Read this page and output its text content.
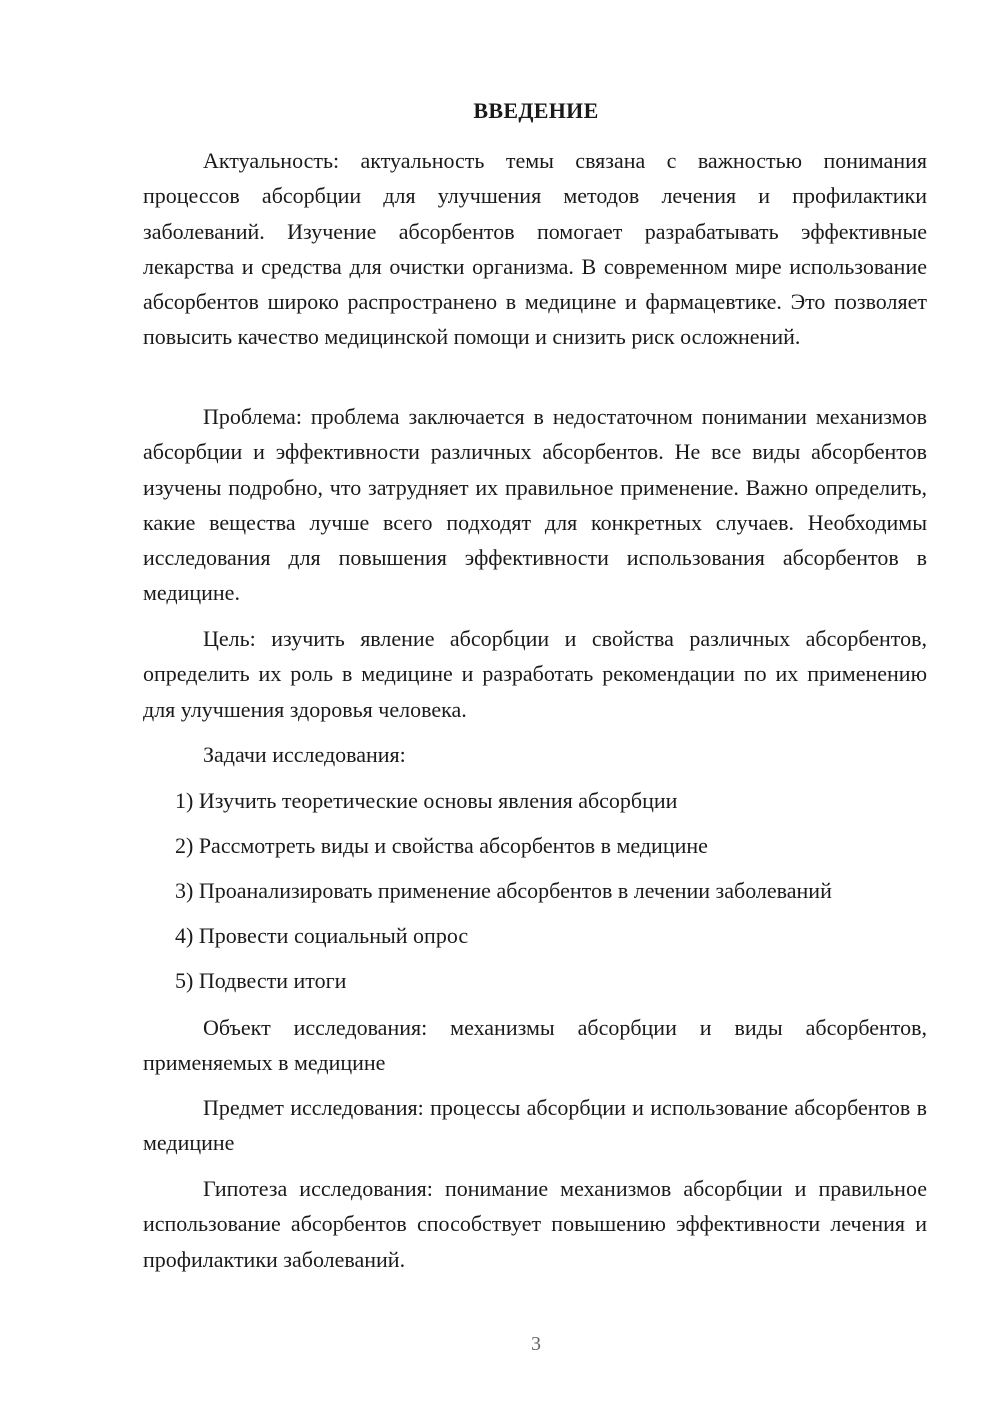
ВВЕДЕНИЕ

Актуальность: актуальность темы связана с важностью понимания процессов абсорбции для улучшения методов лечения и профилактики заболеваний. Изучение абсорбентов помогает разрабатывать эффективные лекарства и средства для очистки организма. В современном мире использование абсорбентов широко распространено в медицине и фармацевтике. Это позволяет повысить качество медицинской помощи и снизить риск осложнений.

Проблема: проблема заключается в недостаточном понимании механизмов абсорбции и эффективности различных абсорбентов. Не все виды абсорбентов изучены подробно, что затрудняет их правильное применение. Важно определить, какие вещества лучше всего подходят для конкретных случаев. Необходимы исследования для повышения эффективности использования абсорбентов в медицине.

Цель: изучить явление абсорбции и свойства различных абсорбентов, определить их роль в медицине и разработать рекомендации по их применению для улучшения здоровья человека.

Задачи исследования:

1) Изучить теоретические основы явления абсорбции

2) Рассмотреть виды и свойства абсорбентов в медицине

3) Проанализировать применение абсорбентов в лечении заболеваний

4) Провести социальный опрос

5) Подвести итоги

Объект исследования: механизмы абсорбции и виды абсорбентов, применяемых в медицине

Предмет исследования: процессы абсорбции и использование абсорбентов в медицине

Гипотеза исследования: понимание механизмов абсорбции и правильное использование абсорбентов способствует повышению эффективности лечения и профилактики заболеваний.

3
